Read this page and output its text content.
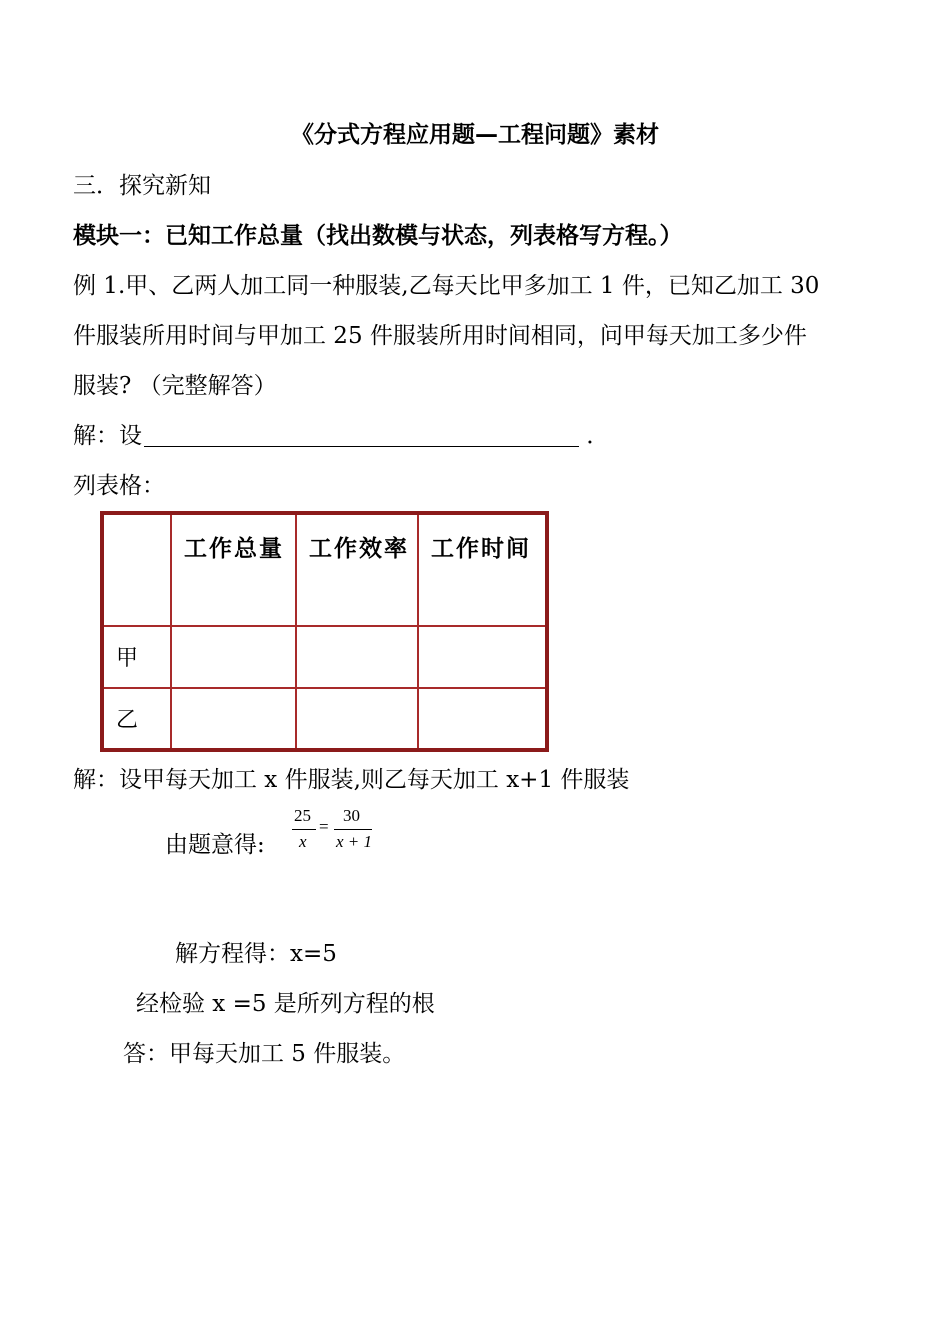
《分式方程应用题—工程问题》素材
三．探究新知
模块一：已知工作总量（找出数模与状态，列表格写方程。）
例 1.甲、乙两人加工同一种服装,乙每天比甲多加工 1 件，已知乙加工 30
件服装所用时间与甲加工 25 件服装所用时间相同，问甲每天加工多少件
服装? （完整解答）
解：设	．
列表格：
	工作总量	工作效率	工作时间
甲			
乙			
解：设甲每天加工 x 件服装,则乙每天加工 x+1 件服装
由题意得:
25
x
=
30
x + 1
解方程得：x=5
经检验 x =5 是所列方程的根
答：甲每天加工 5 件服装。
